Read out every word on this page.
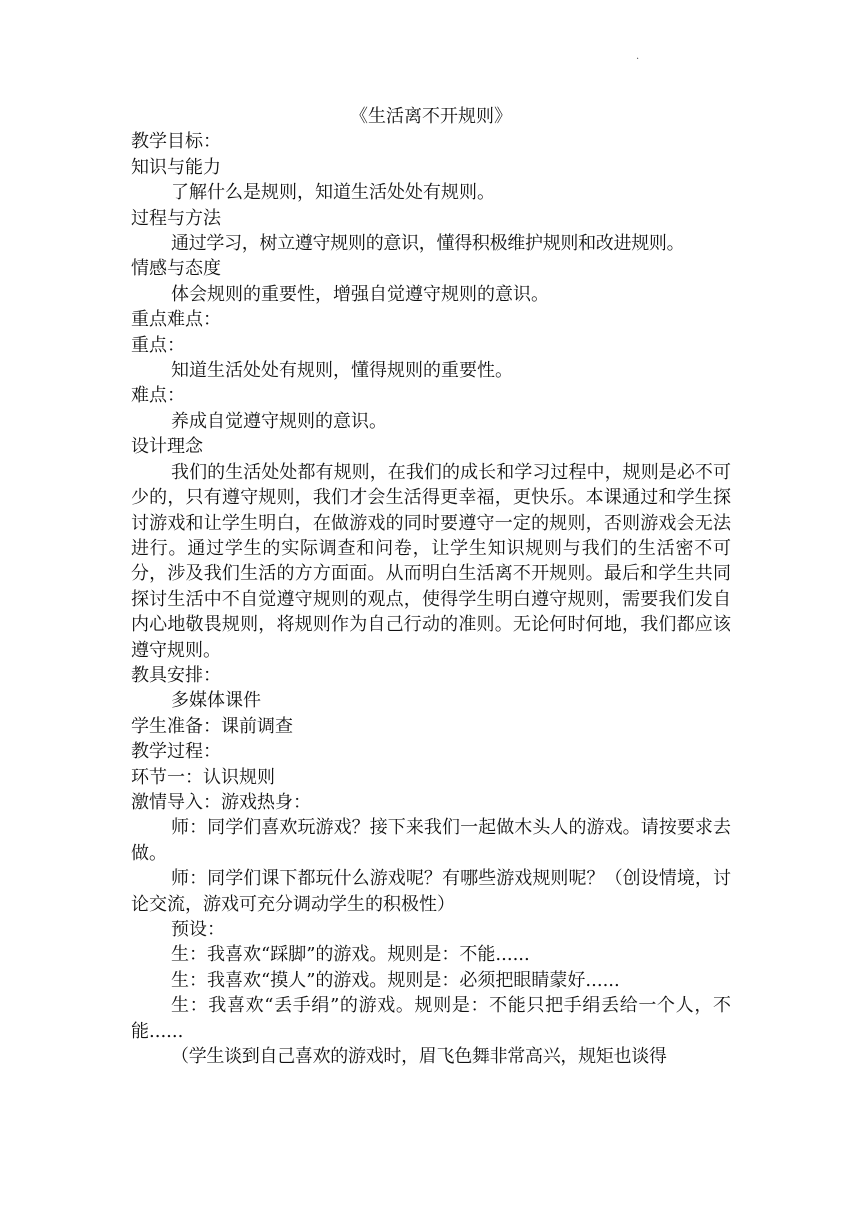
.

《生活离不开规则》

教学目标：

知识与能力

了解什么是规则，知道生活处处有规则。

过程与方法

通过学习，树立遵守规则的意识，懂得积极维护规则和改进规则。

情感与态度

体会规则的重要性，增强自觉遵守规则的意识。

重点难点：

重点：

知道生活处处有规则，懂得规则的重要性。

难点：

养成自觉遵守规则的意识。

设计理念

我们的生活处处都有规则，在我们的成长和学习过程中，规则是必不可少的，只有遵守规则，我们才会生活得更幸福，更快乐。本课通过和学生探讨游戏和让学生明白，在做游戏的同时要遵守一定的规则，否则游戏会无法进行。通过学生的实际调查和问卷，让学生知识规则与我们的生活密不可分，涉及我们生活的方方面面。从而明白生活离不开规则。最后和学生共同探讨生活中不自觉遵守规则的观点，使得学生明白遵守规则，需要我们发自内心地敬畏规则，将规则作为自己行动的准则。无论何时何地，我们都应该遵守规则。

教具安排：

多媒体课件

学生准备：课前调查

教学过程：

环节一：认识规则

激情导入：游戏热身：

师：同学们喜欢玩游戏？接下来我们一起做木头人的游戏。请按要求去做。

师：同学们课下都玩什么游戏呢？有哪些游戏规则呢？（创设情境，讨论交流，游戏可充分调动学生的积极性）

预设：

生：我喜欢“踩脚”的游戏。规则是：不能......

生：我喜欢“摸人”的游戏。规则是：必须把眼睛蒙好......

生：我喜欢“丢手绢”的游戏。规则是：不能只把手绢丢给一个人，不能......

（学生谈到自己喜欢的游戏时，眉飞色舞非常高兴，规矩也谈得
